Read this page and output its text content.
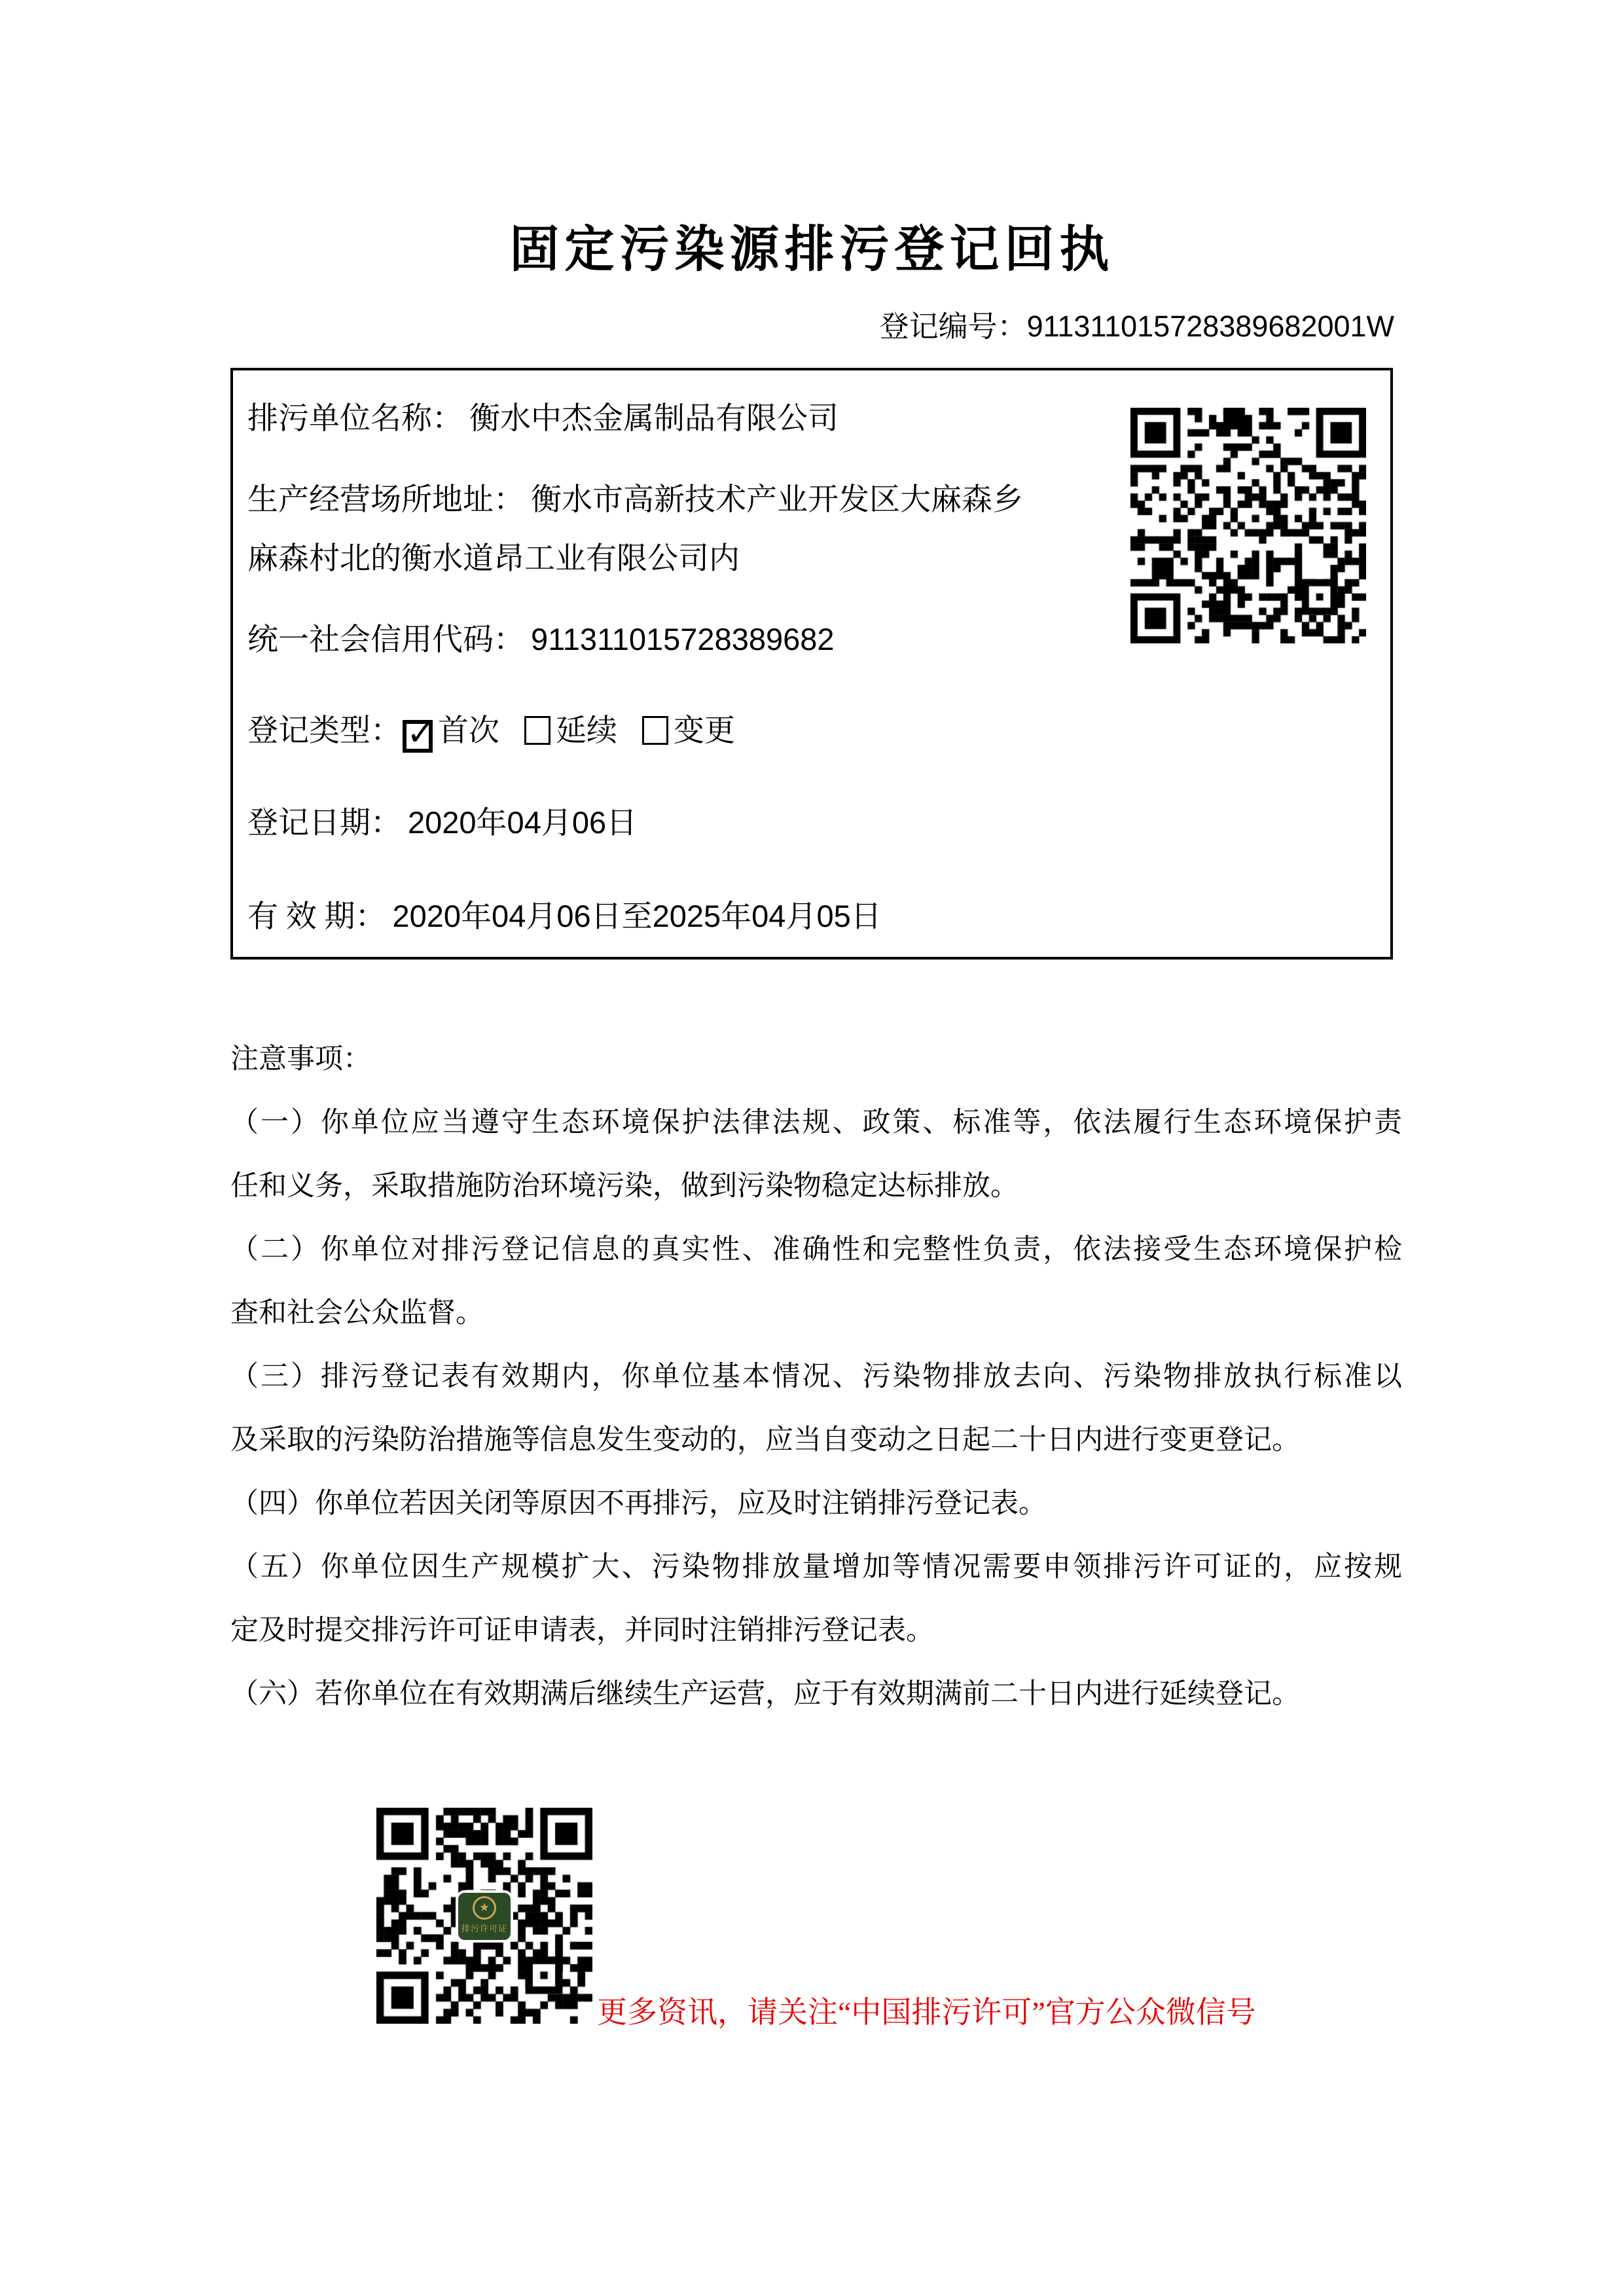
固定污染源排污登记回执
登记编号：911311015728389682001W
排污单位名称： 衡水中杰金属制品有限公司
生产经营场所地址： 衡水市高新技术产业开发区大麻森乡
麻森村北的衡水道昂工业有限公司内
统一社会信用代码： 911311015728389682
登记类型： ✓首次 延续 变更
登记日期： 2020年04月06日
有 效 期： 2020年04月06日至2025年04月05日
注意事项：
（一）你单位应当遵守生态环境保护法律法规、政策、标准等，依法履行生态环境保护责
任和义务，采取措施防治环境污染，做到污染物稳定达标排放。
（二）你单位对排污登记信息的真实性、准确性和完整性负责，依法接受生态环境保护检
查和社会公众监督。
（三）排污登记表有效期内，你单位基本情况、污染物排放去向、污染物排放执行标准以
及采取的污染防治措施等信息发生变动的，应当自变动之日起二十日内进行变更登记。
（四）你单位若因关闭等原因不再排污，应及时注销排污登记表。
（五）你单位因生产规模扩大、污染物排放量增加等情况需要申领排污许可证的，应按规
定及时提交排污许可证申请表，并同时注销排污登记表。
（六）若你单位在有效期满后继续生产运营，应于有效期满前二十日内进行延续登记。
★
排污许可证
更多资讯，请关注“中国排污许可”官方公众微信号
